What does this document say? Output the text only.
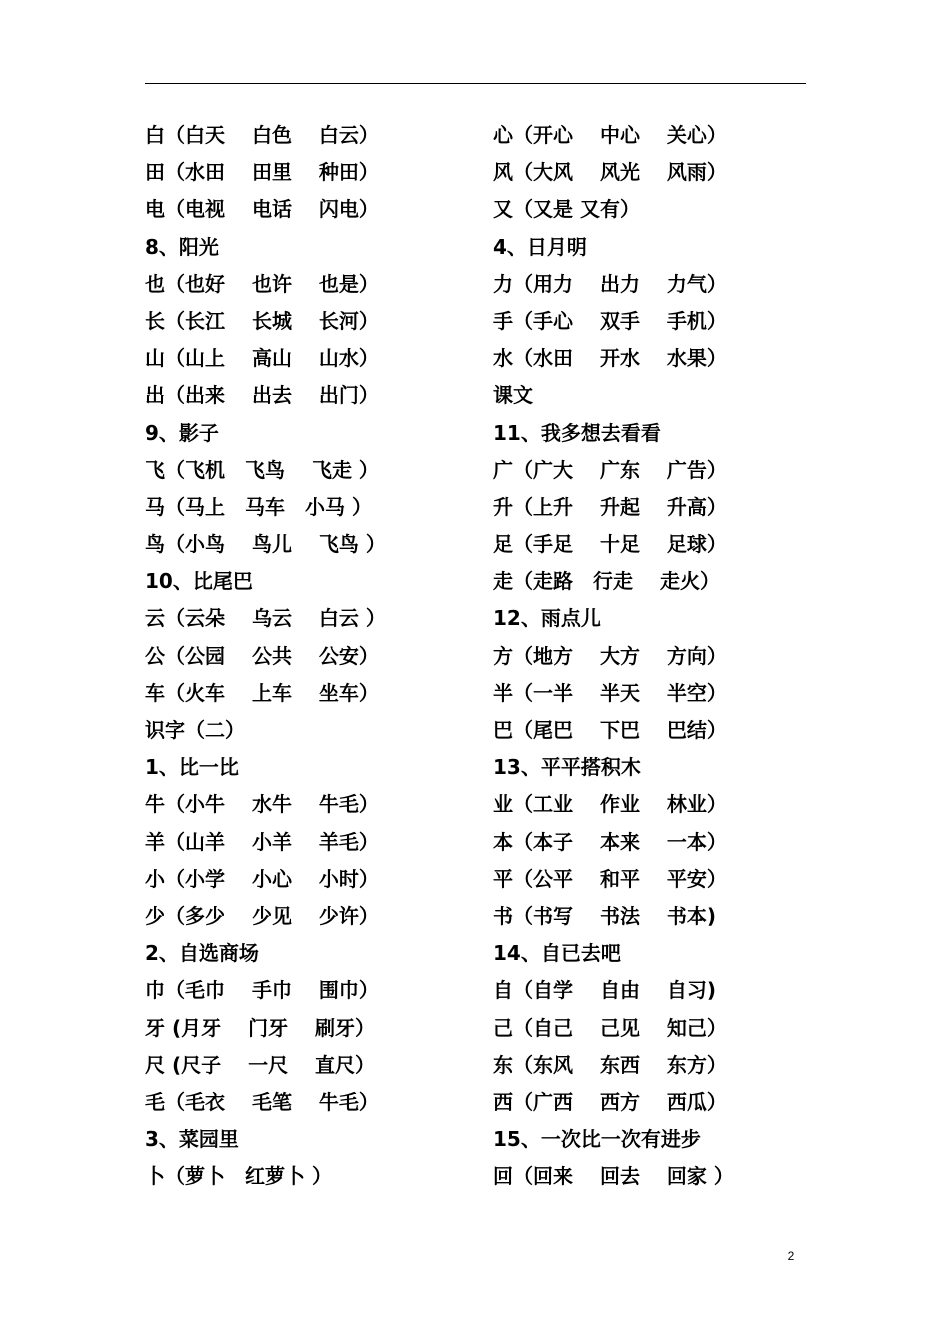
白（白天　 白色　 白云）
田（水田　 田里　 种田）
电（电视　 电话　 闪电）
8、阳光
也（也好　 也许　 也是）
长（长江　 长城　 长河）
山（山上　 高山　 山水）
出（出来　 出去　 出门）
9、影子
飞（飞机　飞鸟　 飞走 ）
马（马上　马车　小马 ）
鸟（小鸟　 鸟儿　 飞鸟 ）
10、比尾巴
云（云朵　 乌云　 白云 ）
公（公园　 公共　 公安）
车（火车　 上车　 坐车）
识字（二）
1、比一比
牛（小牛　 水牛　 牛毛）
羊（山羊　 小羊　 羊毛）
小（小学　 小心　 小时）
少（多少　 少见　 少许）
2、自选商场
巾（毛巾　 手巾　 围巾）
牙 (月牙　 门牙　 刷牙）
尺 (尺子　 一尺　 直尺）
毛（毛衣　 毛笔　 牛毛）
3、菜园里
卜（萝卜　红萝卜 ）
心（开心　 中心　 关心）
风（大风　 风光　 风雨）
又（又是 又有）
4、日月明
力（用力　 出力　 力气）
手（手心　 双手　 手机）
水（水田　 开水　 水果）
课文
11、我多想去看看
广（广大　 广东　 广告）
升（上升　 升起　 升高）
足（手足　 十足　 足球）
走（走路　行走　 走火）
12、雨点儿
方（地方　 大方　 方向）
半（一半　 半天　 半空）
巴（尾巴　 下巴　 巴结）
13、平平搭积木
业（工业　 作业　 林业）
本（本子　 本来　 一本）
平（公平　 和平　 平安）
书（书写　 书法　 书本)
14、自已去吧
自（自学　 自由　 自习)
己（自己　 己见　 知己）
东（东风　 东西　 东方）
西（广西　 西方　 西瓜）
15、一次比一次有进步
回（回来　 回去　 回家 ）
2
